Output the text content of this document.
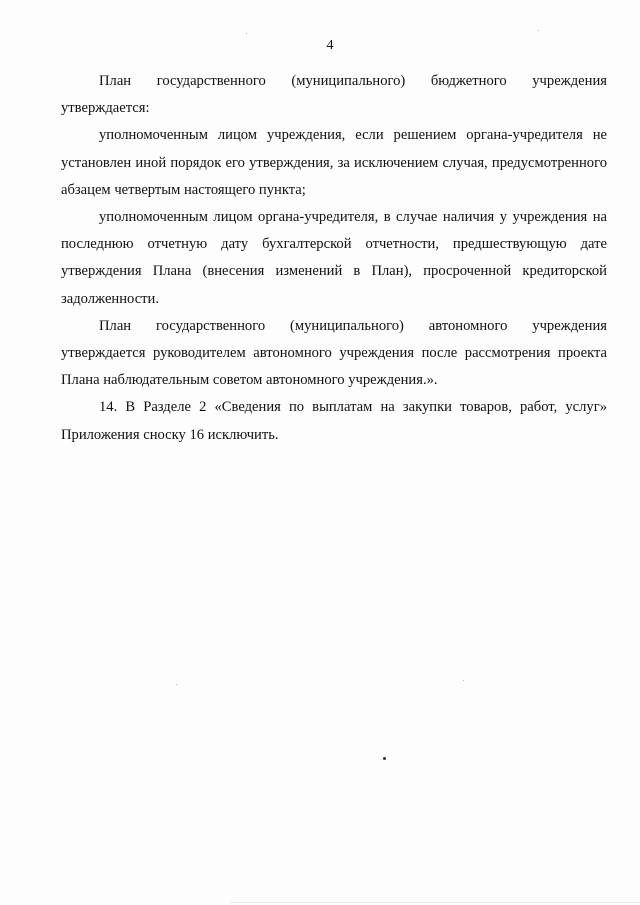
4

План государственного (муниципального) бюджетного учреждения утверждается:

уполномоченным лицом учреждения, если решением органа-учредителя не установлен иной порядок его утверждения, за исключением случая, предусмотренного абзацем четвертым настоящего пункта;

уполномоченным лицом органа-учредителя, в случае наличия у учреждения на последнюю отчетную дату бухгалтерской отчетности, предшествующую дате утверждения Плана (внесения изменений в План), просроченной кредиторской задолженности.

План государственного (муниципального) автономного учреждения утверждается руководителем автономного учреждения после рассмотрения проекта Плана наблюдательным советом автономного учреждения.».

14. В Разделе 2 «Сведения по выплатам на закупки товаров, работ, услуг» Приложения сноску 16 исключить.
